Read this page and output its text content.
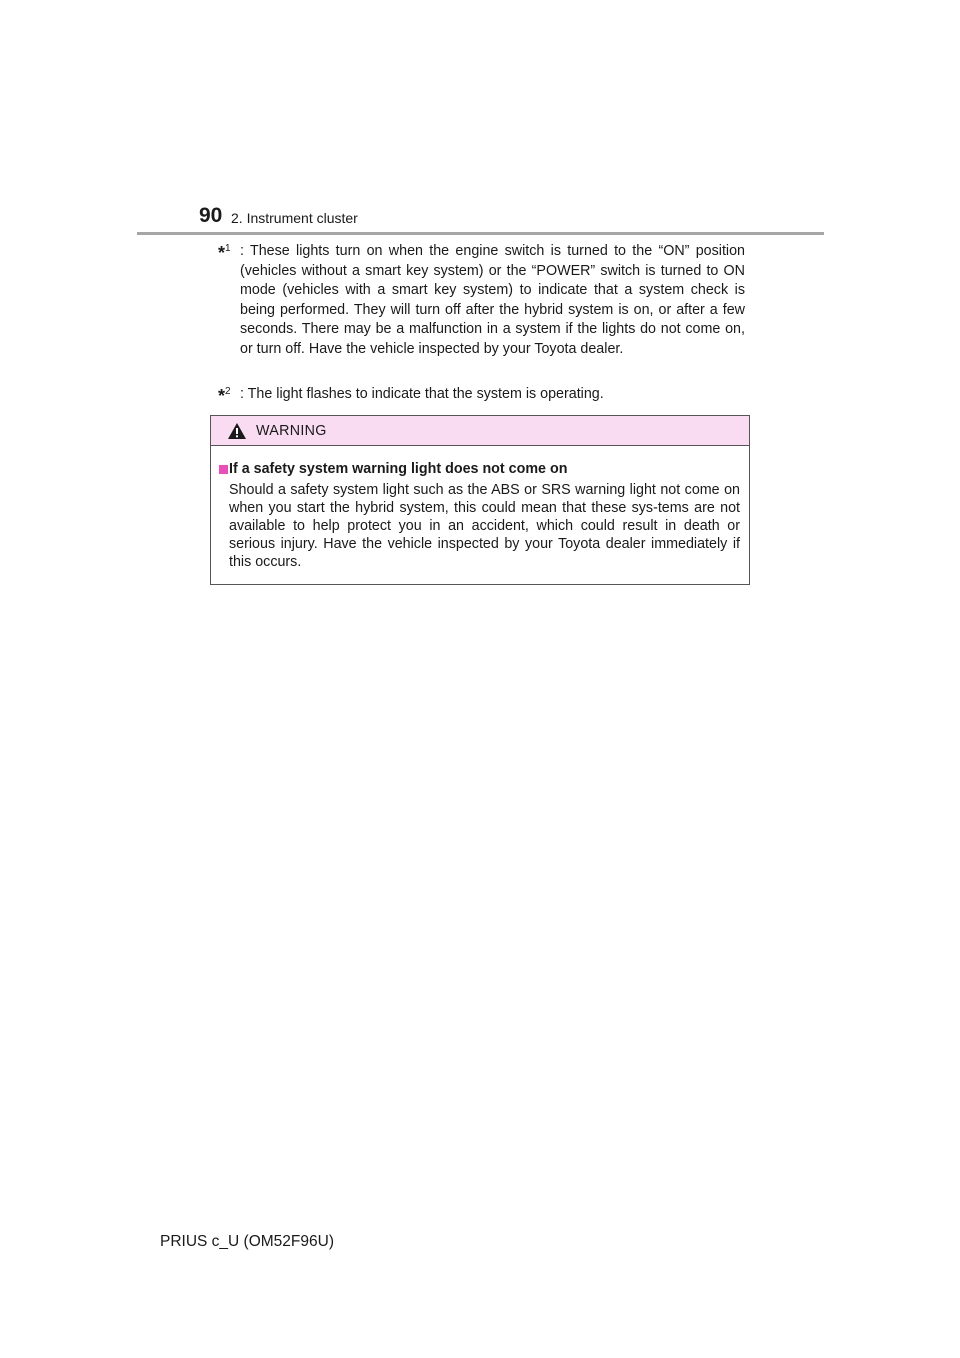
90 2. Instrument cluster
*$^1$ : These lights turn on when the engine switch is turned to the “ON” position (vehicles without a smart key system) or the “POWER” switch is turned to ON mode (vehicles with a smart key system) to indicate that a system check is being performed. They will turn off after the hybrid system is on, or after a few seconds. There may be a malfunction in a system if the lights do not come on, or turn off. Have the vehicle inspected by your Toyota dealer.
*$^2$ : The light flashes to indicate that the system is operating.
WARNING
If a safety system warning light does not come on
Should a safety system light such as the ABS or SRS warning light not come on when you start the hybrid system, this could mean that these sys-tems are not available to help protect you in an accident, which could result in death or serious injury. Have the vehicle inspected by your Toyota dealer immediately if this occurs.
PRIUS c_U (OM52F96U)
